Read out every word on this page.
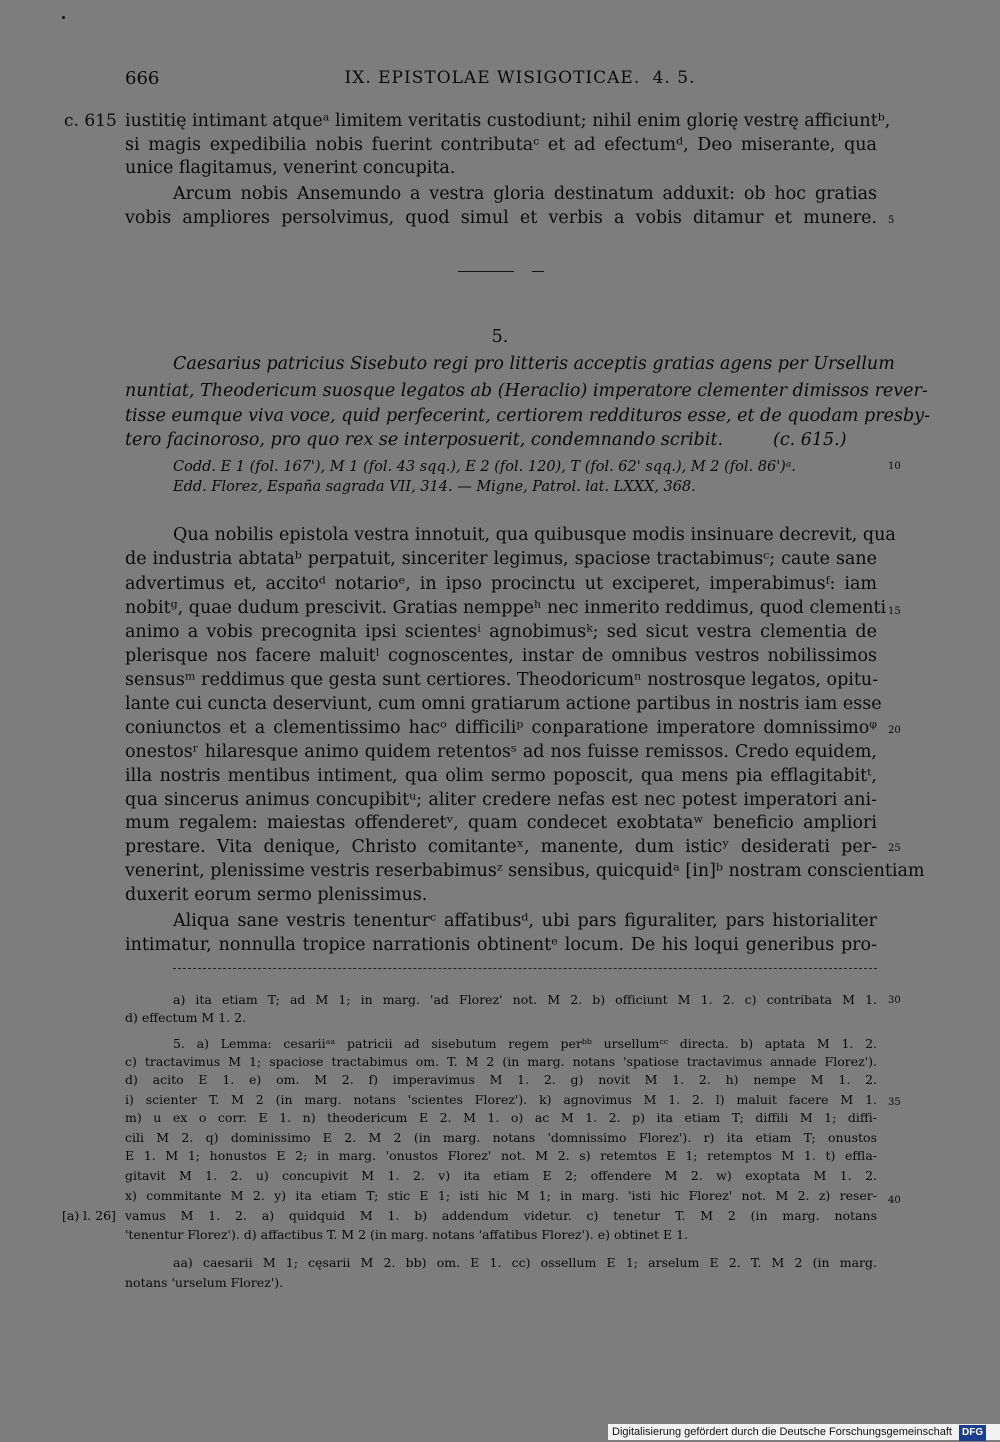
666	IX. EPISTOLAE WISIGOTICAE. 4. 5.
c. 615 iustitię intimant atqueᵃ limitem veritatis custodiunt; nihil enim glorię vestrę afficiuntᵇ,
si magis expedibilia nobis fuerint contributaᶜ et ad efectumᵈ, Deo miserante, qua
unice flagitamus, venerint concupita.
Arcum nobis Ansemundo a vestra gloria destinatum adduxit: ob hoc gratias
vobis ampliores persolvimus, quod simul et verbis a vobis ditamur et munere. 5
5.
Caesarius patricius Sisebuto regi pro litteris acceptis gratias agens per Ursellum
nuntiat, Theodericum suosque legatos ab (Heraclio) imperatore clementer dimissos rever-
tisse eumque viva voce, quid perfecerint, certiorem reddituros esse, et de quodam presby-
tero facinoroso, pro quo rex se interposuerit, condemnando scribit.	(c. 615.)
Codd. E 1 (fol. 167'), M 1 (fol. 43 sqq.), E 2 (fol. 120), T (fol. 62' sqq.), M 2 (fol. 86')ᵃ.	10
Edd. Florez, España sagrada VII, 314. — Migne, Patrol. lat. LXXX, 368.
Qua nobilis epistola vestra innotuit, qua quibusque modis insinuare decrevit, qua
de industria abtataᵇ perpatuit, sinceriter legimus, spaciose tractabimusᶜ; caute sane
advertimus et, accitoᵈ notarioᵉ, in ipso procinctu ut exciperet, imperabimusᶠ: iam
nobitᵍ, quae dudum prescivit. Gratias nemppeʰ nec inmerito reddimus, quod clementi 15
animo a vobis precognita ipsi scientesⁱ agnobimusᵏ; sed sicut vestra clementia de
plerisque nos facere maluitˡ cognoscentes, instar de omnibus vestros nobilissimos
sensusᵐ reddimus que gesta sunt certiores. Theodoricumⁿ nostrosque legatos, opitu-
lante cui cuncta deserviunt, cum omni gratiarum actione partibus in nostris iam esse
coniunctos et a clementissimo hacᵒ difficiliᵖ conparatione imperatore domnissimoᵠ 20
onestosʳ hilaresque animo quidem retentosˢ ad nos fuisse remissos. Credo equidem,
illa nostris mentibus intiment, qua olim sermo poposcit, qua mens pia efflagitabitᵗ,
qua sincerus animus concupibitᵘ; aliter credere nefas est nec potest imperatori ani-
mum regalem: maiestas offenderetᵛ, quam condecet exobtataʷ beneficio ampliori
prestare. Vita denique, Christo comitanteˣ, manente, dum isticʸ desiderati per- 25
venerint, plenissime vestris reserbabimusᶻ sensibus, quicquidᵃ [in]ᵇ nostram conscientiam
duxerit eorum sermo plenissimus.
Aliqua sane vestris tenenturᶜ affatibusᵈ, ubi pars figuraliter, pars historialiter
intimatur, nonnulla tropice narrationis obtinentᵉ locum. De his loqui generibus pro-
a) ita etiam T; ad M 1; in marg. 'ad Florez' not. M 2. b) officiunt M 1. 2. c) contribata M 1. 30
d) effectum M 1. 2.
5. a) Lemma: cesariiᵃᵃ patricii ad sisebutum regem perᵇᵇ ursellumᶜᶜ directa. b) aptata M 1. 2.
c) tractavimus M 1; spaciose tractabimus om. T. M 2 (in marg. notans 'spatiose tractavimus annade Florez').
d) acito E 1. e) om. M 2. f) imperavimus M 1. 2. g) novit M 1. 2. h) nempe M 1. 2.
i) scienter T. M 2 (in marg. notans 'scientes Florez'). k) agnovimus M 1. 2. l) maluit facere M 1. 35
m) u ex o corr. E 1. n) theodericum E 2. M 1. o) ac M 1. 2. p) ita etiam T; diffili M 1; diffi-
cili M 2. q) dominissimo E 2. M 2 (in marg. notans 'domnissimo Florez'). r) ita etiam T; onustos
E 1. M 1; honustos E 2; in marg. 'onustos Florez' not. M 2. s) retemtos E 1; retemptos M 1. t) effla-
gitavit M 1. 2. u) concupivit M 1. 2. v) ita etiam E 2; offendere M 2. w) exoptata M 1. 2.
x) commitante M 2. y) ita etiam T; stic E 1; isti hic M 1; in marg. 'isti hic Florez' not. M 2. z) reser- 40
[a) l. 26] vamus M 1. 2. a) quidquid M 1. b) addendum videtur. c) tenetur T. M 2 (in marg. notans
'tenentur Florez'). d) affactibus T. M 2 (in marg. notans 'affatibus Florez'). e) obtinet E 1.
aa) caesarii M 1; cęsarii M 2. bb) om. E 1. cc) ossellum E 1; arselum E 2. T. M 2 (in marg.
notans 'urselum Florez').
Digitalisierung gefördert durch die Deutsche Forschungsgemeinschaft DFG
